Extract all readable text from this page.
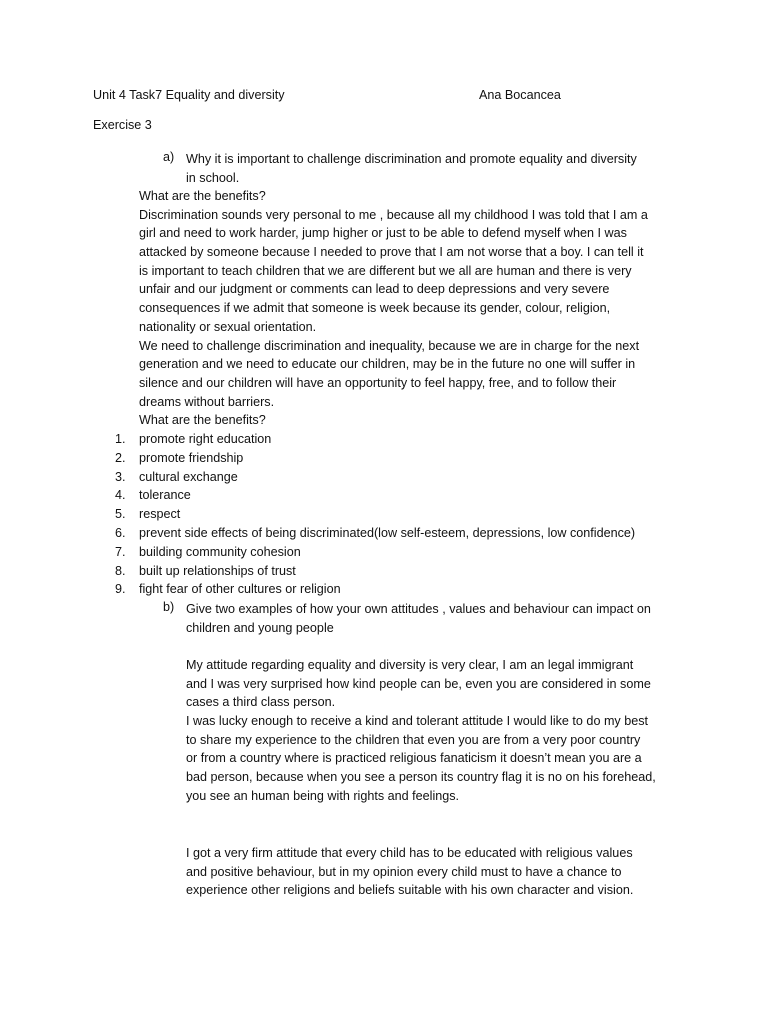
Unit 4 Task7 Equality and diversity	Ana Bocancea
Exercise 3
a) Why it is important to challenge discrimination and promote equality and diversity
in school.
What are the benefits?
Discrimination sounds very personal to me , because all my childhood I was told that I am a
girl and need to work harder, jump higher or just to be able to defend myself when I was
attacked by someone because I needed to prove that I am not worse that a boy. I can tell it
is important to teach children that we are different but we all are human and there is very
unfair and our judgment or comments can lead to deep depressions and very severe
consequences if we admit that someone is week because its gender, colour, religion,
nationality or sexual orientation.
We need to challenge discrimination and inequality, because we are in charge for the next
generation and we need to educate our children, may be in the future no one will suffer in
silence and our children will have an opportunity to feel happy, free, and to follow their
dreams without barriers.
What are the benefits?
1. promote right education
2. promote friendship
3. cultural exchange
4. tolerance
5. respect
6. prevent side effects of being discriminated(low self-esteem, depressions, low confidence)
7. building community cohesion
8. built up relationships of trust
9. fight fear of other cultures or religion
b) Give two examples of how your own attitudes , values and behaviour can impact on
children and young people
My attitude regarding equality and diversity is very clear, I am an legal immigrant
and I was very surprised how kind people can be, even you are considered in some
cases a third class person.
I was lucky enough to receive a kind and tolerant attitude I would like to do my best
to share my experience to the children that even you are from a very poor country
or from a country where is practiced religious fanaticism it doesn’t mean you are a
bad person, because when you see a person its country flag it is no on his forehead,
you see an human being with rights and feelings.
I got a very firm attitude that every child has to be educated with religious values
and positive behaviour, but in my opinion every child must to have a chance to
experience other religions and beliefs suitable with his own character and vision.
